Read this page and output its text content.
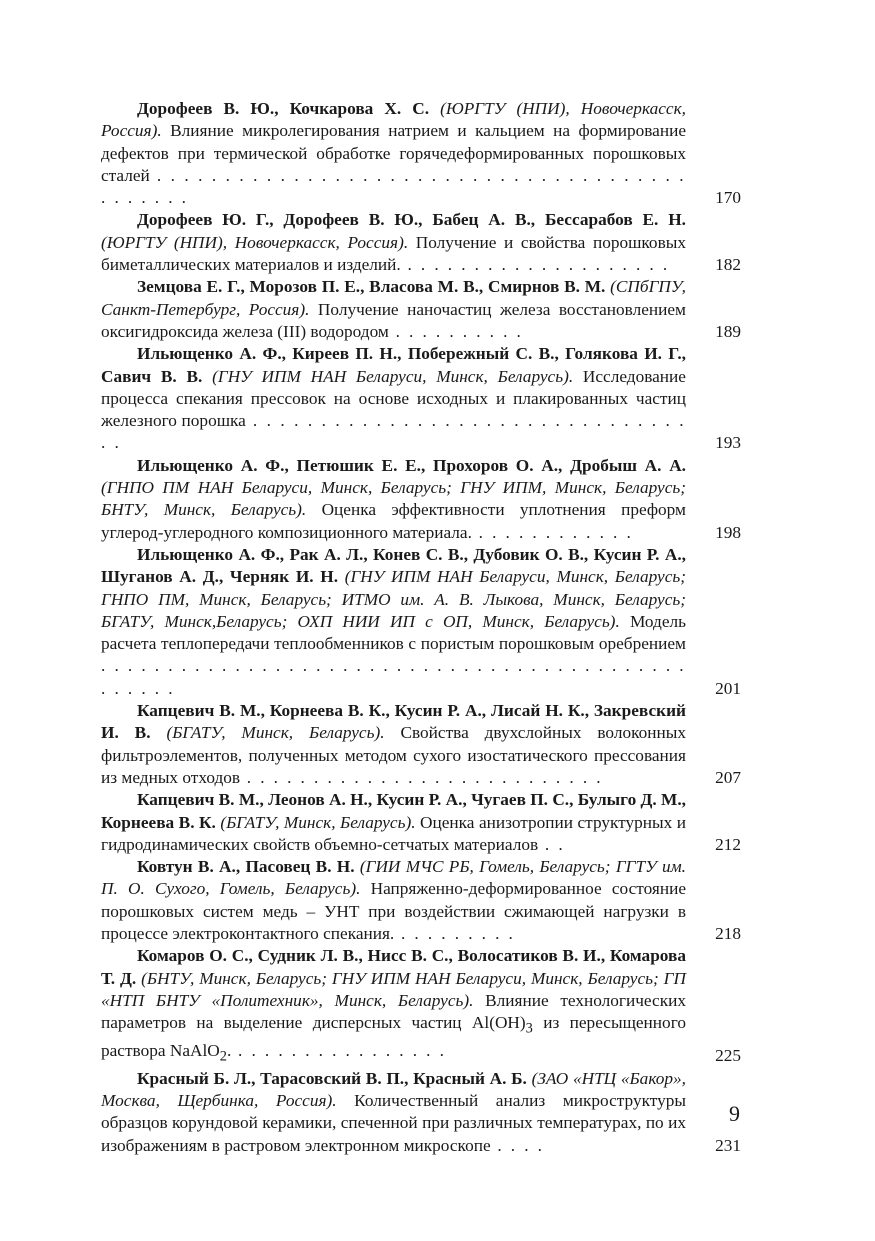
Дорофеев В. Ю., Кочкарова Х. С. (ЮРГТУ (НПИ), Новочеркасск, Россия). Влияние микролегирования натрием и кальцием на формирование дефектов при термической обработке горячедеформированных порошковых сталей . . . . . . . . . . . . . . . . . . . . . . . . . . . . . . . . . . . . . . . . . . . . . .	170
Дорофеев Ю. Г., Дорофеев В. Ю., Бабец А. В., Бессарабов Е. Н. (ЮРГТУ (НПИ), Новочеркасск, Россия). Получение и свойства порошковых биметаллических материалов и изделий. . . . . . . . . . . . . . . . . . . . .	182
Земцова Е. Г., Морозов П. Е., Власова М. В., Смирнов В. М. (СПбГПУ, Санкт-Петербург, Россия). Получение наночастиц железа восстановлением оксигидроксида железа (III) водородом . . . . . . . . . .	189
Ильющенко А. Ф., Киреев П. Н., Побережный С. В., Голякова И. Г., Савич В. В. (ГНУ ИПМ НАН Беларуси, Минск, Беларусь). Исследование процесса спекания прессовок на основе исходных и плакированных частиц железного порошка . . . . . . . . . . . . . . . . . . . . . . . . . . . . . . . . . .	193
Ильющенко А. Ф., Петюшик Е. Е., Прохоров О. А., Дробыш А. А. (ГНПО ПМ НАН Беларуси, Минск, Беларусь; ГНУ ИПМ, Минск, Беларусь; БНТУ, Минск, Беларусь). Оценка эффективности уплотнения преформ углерод-углеродного композиционного материала. . . . . . . . . . . . .	198
Ильющенко А. Ф., Рак А. Л., Конев С. В., Дубовик О. В., Кусин Р. А., Шуганов А. Д., Черняк И. Н. (ГНУ ИПМ НАН Беларуси, Минск, Беларусь; ГНПО ПМ, Минск, Беларусь; ИТМО им. А. В. Лыкова, Минск, Беларусь; БГАТУ, Минск,Беларусь; ОХП НИИ ИП с ОП, Минск, Беларусь). Модель расчета теплопередачи теплообменников с пористым порошковым оребрением . . . . . . . . . . . . . . . . . . . . . . . . . . . . . . . . . . . . . . . . . . . . . . . . . .	201
Капцевич В. М., Корнеева В. К., Кусин Р. А., Лисай Н. К., Закревский И. В. (БГАТУ, Минск, Беларусь). Свойства двухслойных волоконных фильтроэлементов, полученных методом сухого изостатического прессования из медных отходов . . . . . . . . . . . . . . . . . . . . . . . . . . .	207
Капцевич В. М., Леонов А. Н., Кусин Р. А., Чугаев П. С., Булыго Д. М., Корнеева В. К. (БГАТУ, Минск, Беларусь). Оценка анизотропии структурных и гидродинамических свойств объемно-сетчатых материалов . .	212
Ковтун В. А., Пасовец В. Н. (ГИИ МЧС РБ, Гомель, Беларусь; ГГТУ им. П. О. Сухого, Гомель, Беларусь). Напряженно-деформированное состояние порошковых систем медь – УНТ при воздействии сжимающей нагрузки в процессе электроконтактного спекания. . . . . . . . . .	218
Комаров О. С., Судник Л. В., Нисс В. С., Волосатиков В. И., Комарова Т. Д. (БНТУ, Минск, Беларусь; ГНУ ИПМ НАН Беларуси, Минск, Беларусь; ГП «НТП БНТУ «Политехник», Минск, Беларусь). Влияние технологических параметров на выделение дисперсных частиц $Al(OH)_3$ из пересыщенного раствора NaAlO$_2$. . . . . . . . . . . . . . . . .	225
Красный Б. Л., Тарасовский В. П., Красный А. Б. (ЗАО «НТЦ «Бакор», Москва, Щербинка, Россия). Количественный анализ микроструктуры образцов корундовой керамики, спеченной при различных температурах, по их изображениям в растровом электронном микроскопе . . . .	231
9
